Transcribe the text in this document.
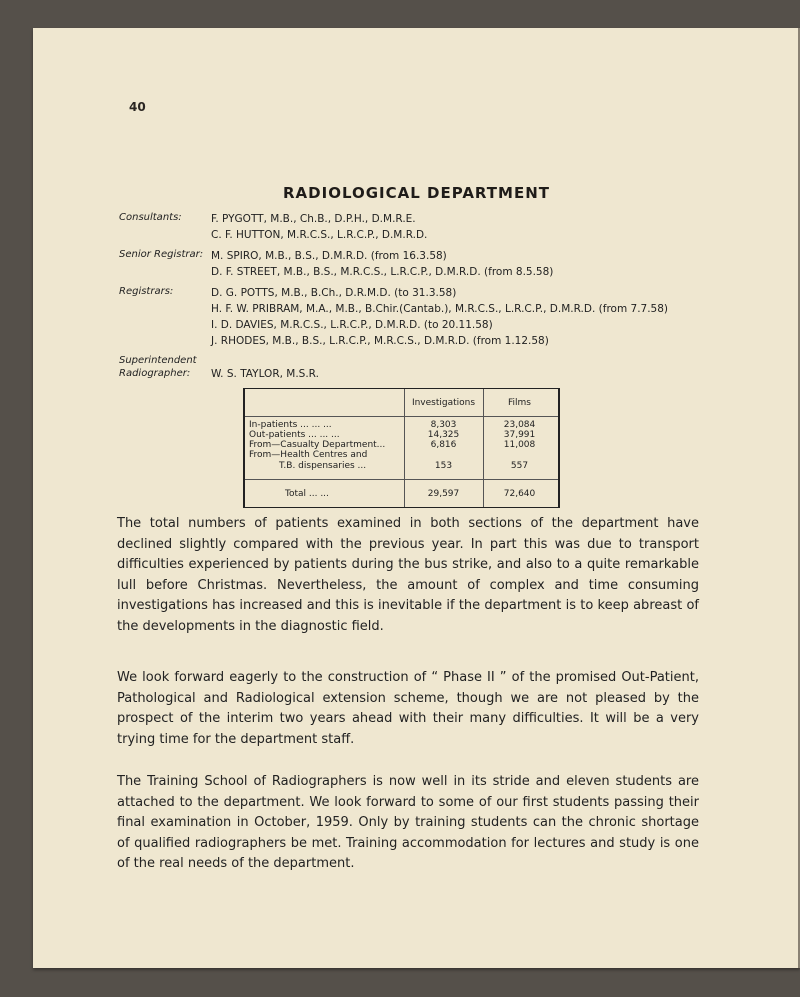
40
RADIOLOGICAL DEPARTMENT
Consultants:	F. PYGOTT, M.B., Ch.B., D.P.H., D.M.R.E.
C. F. HUTTON, M.R.C.S., L.R.C.P., D.M.R.D.
Senior Registrar: M. SPIRO, M.B., B.S., D.M.R.D. (from 16.3.58)
D. F. STREET, M.B., B.S., M.R.C.S., L.R.C.P., D.M.R.D. (from 8.5.58)
Registrars:	D. G. POTTS, M.B., B.Ch., D.R.M.D. (to 31.3.58)
H. F. W. PRIBRAM, M.A., M.B., B.Chir.(Cantab.), M.R.C.S., L.R.C.P., D.M.R.D. (from 7.7.58)
I. D. DAVIES, M.R.C.S., L.R.C.P., D.M.R.D. (to 20.11.58)
J. RHODES, M.B., B.S., L.R.C.P., M.R.C.S., D.M.R.D. (from 1.12.58)
Superintendent
Radiographer:	W. S. TAYLOR, M.S.R.
Investigations	Films
In-patients ... ... ...	8,303	23,084
Out-patients ... ... ...	14,325	37,991
From—Casualty Department...	6,816	11,008
From—Health Centres and
T.B. dispensaries ...	153	557
Total ... ...	29,597	72,640

The total numbers of patients examined in both sections of the department have declined slightly compared with the previous year. In part this was due to transport difficulties experienced by patients during the bus strike, and also to a quite remarkable lull before Christmas. Nevertheless, the amount of complex and time consuming investigations has increased and this is inevitable if the department is to keep abreast of the developments in the diagnostic field.

We look forward eagerly to the construction of “ Phase II ” of the promised Out-Patient, Pathological and Radiological extension scheme, though we are not pleased by the prospect of the interim two years ahead with their many difficulties. It will be a very trying time for the department staff.

The Training School of Radiographers is now well in its stride and eleven students are attached to the department. We look forward to some of our first students passing their final examination in October, 1959. Only by training students can the chronic shortage of qualified radiographers be met. Training accommodation for lectures and study is one of the real needs of the department.
